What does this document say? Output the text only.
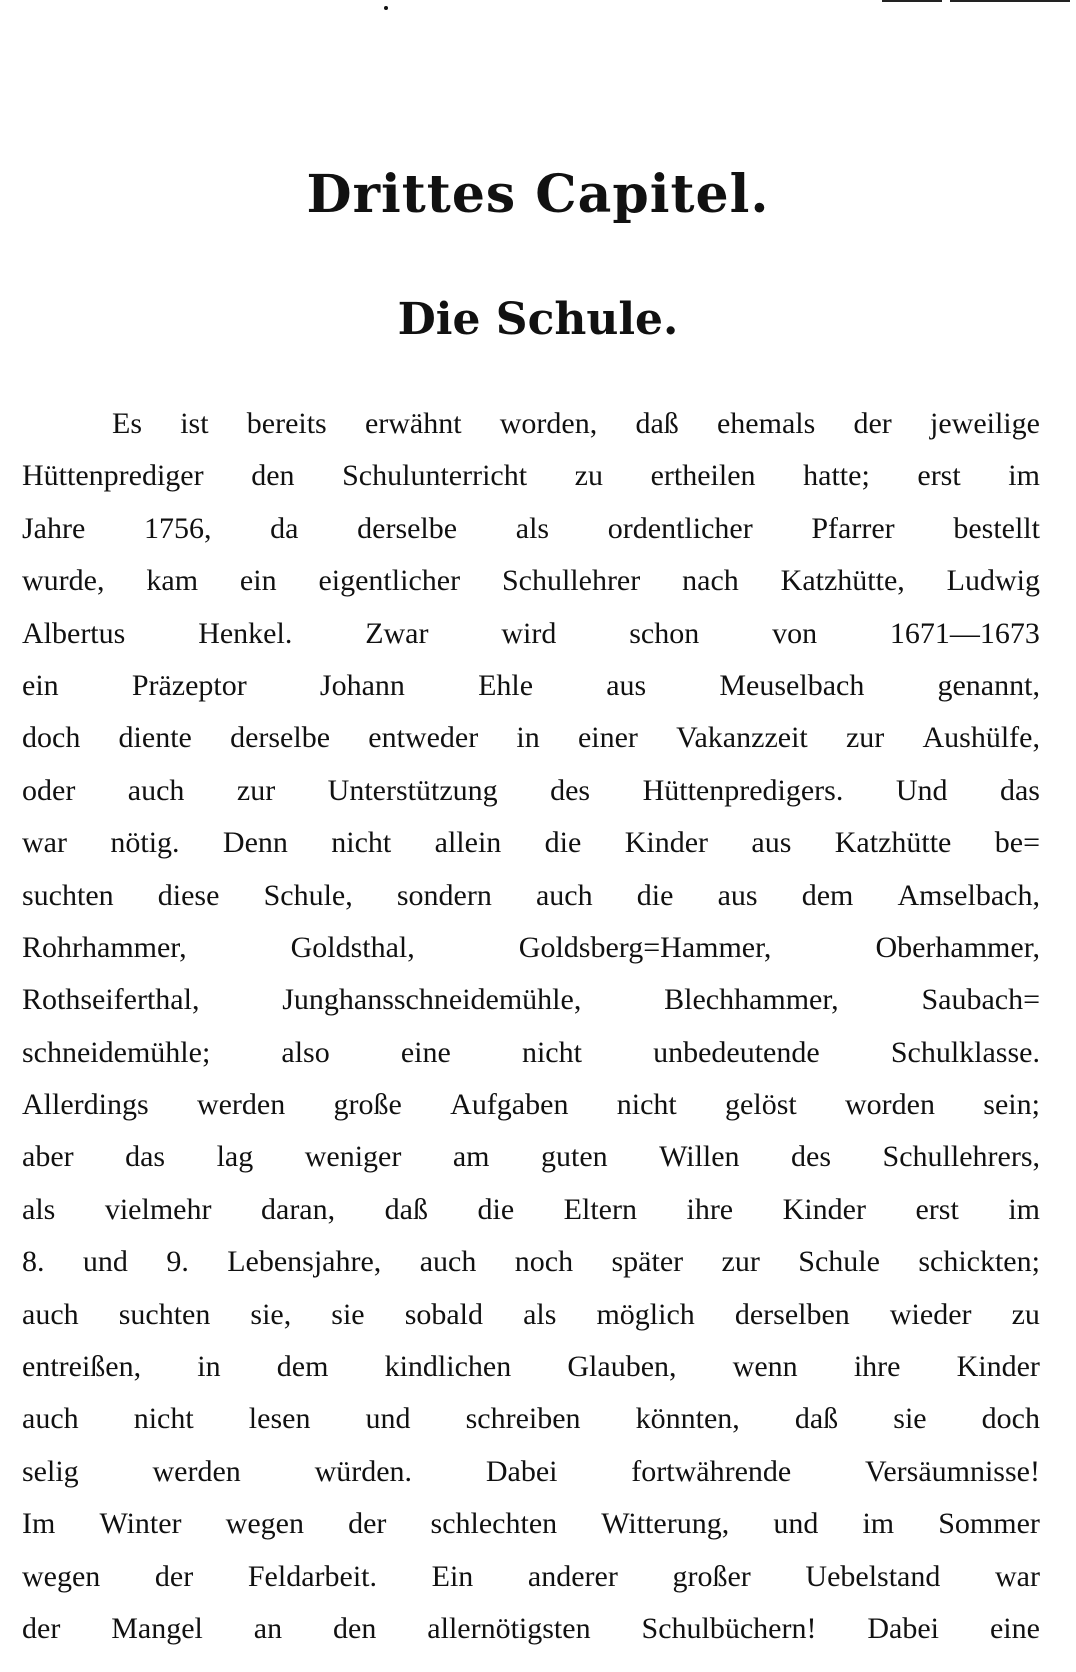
Drittes Capitel.
Die Schule.
Es ist bereits erwähnt worden, daß ehemals der jeweilige
Hüttenprediger den Schulunterricht zu ertheilen hatte; erst im
Jahre 1756, da derselbe als ordentlicher Pfarrer bestellt
wurde, kam ein eigentlicher Schullehrer nach Katzhütte, Ludwig
Albertus Henkel. Zwar wird schon von 1671—1673
ein Präzeptor Johann Ehle aus Meuselbach genannt,
doch diente derselbe entweder in einer Vakanzzeit zur Aushülfe,
oder auch zur Unterstützung des Hüttenpredigers. Und das
war nötig. Denn nicht allein die Kinder aus Katzhütte be=
suchten diese Schule, sondern auch die aus dem Amselbach,
Rohrhammer,	Goldsthal,	Goldsberg=Hammer,	Oberhammer,
Rothseiferthal,	Junghansschneidemühle,	Blechhammer,	Saubach=
schneidemühle; also eine nicht unbedeutende Schulklasse.
Allerdings werden große Aufgaben nicht gelöst worden sein;
aber das lag weniger am guten Willen des Schullehrers,
als vielmehr daran, daß die Eltern ihre Kinder erst im
8. und 9. Lebensjahre, auch noch später zur Schule schickten;
auch suchten sie, sie sobald als möglich derselben wieder zu
entreißen, in dem kindlichen Glauben, wenn ihre Kinder
auch nicht lesen und schreiben könnten, daß sie doch
selig werden würden. Dabei fortwährende Versäumnisse!
Im Winter wegen der schlechten Witterung, und im Sommer
wegen der Feldarbeit. Ein anderer großer Uebelstand war
der Mangel an den allernötigsten Schulbüchern! Dabei eine
